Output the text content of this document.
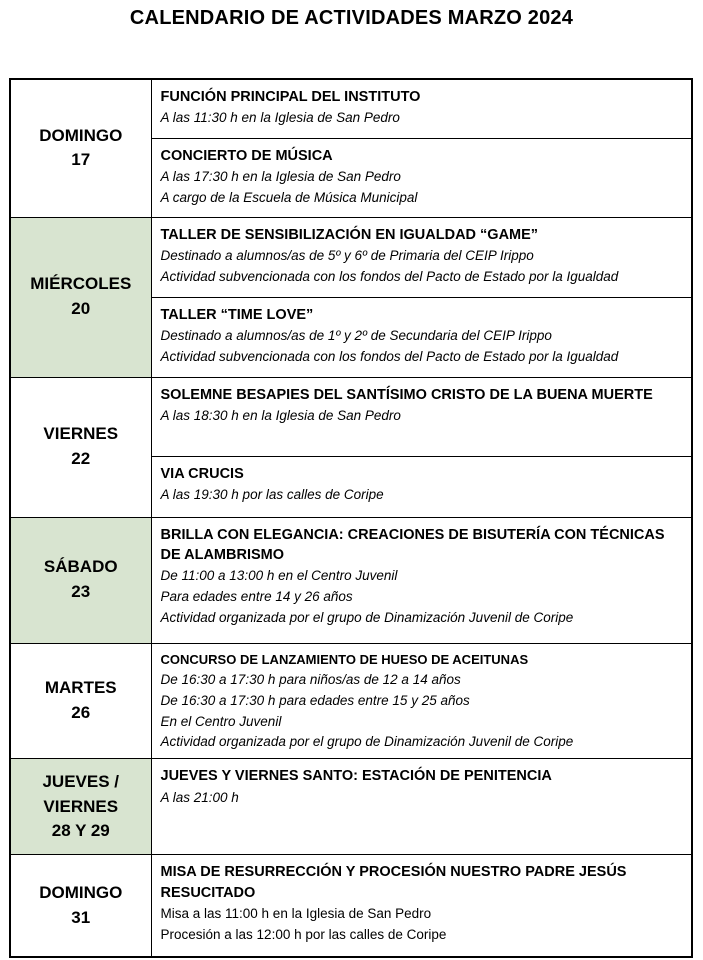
CALENDARIO DE ACTIVIDADES MARZO 2024
DOMINGO
17

FUNCIÓN PRINCIPAL DEL INSTITUTO
A las 11:30 h en la Iglesia de San Pedro

	CONCIERTO DE MÚSICA
A las 17:30 h en la Iglesia de San Pedro
A cargo de la Escuela de Música Municipal

MIÉRCOLES
20

TALLER DE SENSIBILIZACIÓN EN IGUALDAD “GAME”
Destinado a alumnos/as de 5º y 6º de Primaria del CEIP Irippo
Actividad subvencionada con los fondos del Pacto de Estado por la Igualdad

	TALLER “TIME LOVE”
Destinado a alumnos/as de 1º y 2º de Secundaria del CEIP Irippo
Actividad subvencionada con los fondos del Pacto de Estado por la Igualdad

VIERNES
22

SOLEMNE BESAPIES DEL SANTÍSIMO CRISTO DE LA BUENA MUERTE
A las 18:30 h en la Iglesia de San Pedro

	VIA CRUCIS
A las 19:30 h por las calles de Coripe

SÁBADO
23

BRILLA CON ELEGANCIA: CREACIONES DE BISUTERÍA CON TÉCNICAS DE ALAMBRISMO
De 11:00 a 13:00 h en el Centro Juvenil
Para edades entre 14 y 26 años
Actividad organizada por el grupo de Dinamización Juvenil de Coripe

MARTES
26

CONCURSO DE LANZAMIENTO DE HUESO DE ACEITUNAS
De 16:30 a 17:30 h para niños/as de 12 a 14 años
De 16:30 a 17:30 h para edades entre 15 y 25 años
En el Centro Juvenil
Actividad organizada por el grupo de Dinamización Juvenil de Coripe

JUEVES / VIERNES
28 Y 29

JUEVES Y VIERNES SANTO: ESTACIÓN DE PENITENCIA
A las 21:00 h

DOMINGO
31

MISA DE RESURRECCIÓN Y PROCESIÓN NUESTRO PADRE JESÚS RESUCITADO
Misa a las 11:00 h en la Iglesia de San Pedro
Procesión a las 12:00 h por las calles de Coripe
